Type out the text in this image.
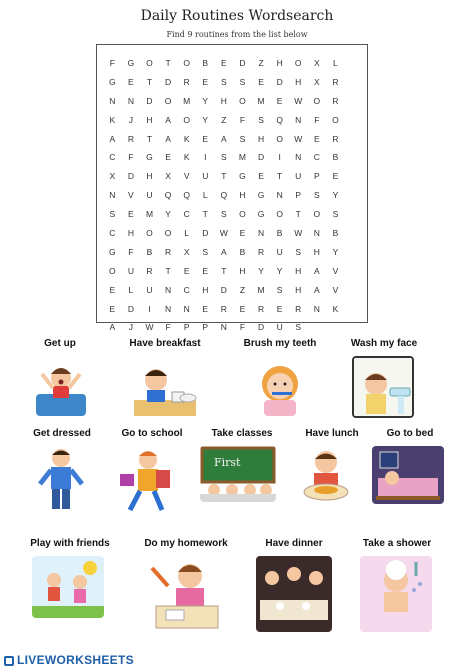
Daily Routines Wordsearch
Find 9 routines from the list below
F	G	O	T	O	B	E	D	Z	H	O	X	L
G	E	T	D	R	E	S	S	E	D	H	X	R
N	N	D	O	M	Y	H	O	M	E	W	O	R
K	J	H	A	O	Y	Z	F	S	Q	N	F	O
A	R	T	A	K	E	A	S	H	O	W	E	R
C	F	G	E	K	I	S	M	D	I	N	C	B
X	D	H	X	V	U	T	G	E	T	U	P	E
N	V	U	Q	Q	L	Q	H	G	N	P	S	Y
S	E	M	Y	C	T	S	O	G	O	T	O	S
C	H	O	O	L	D	W	E	N	B	W	N	B
G	F	B	R	X	S	A	B	R	U	S	H	Y
O	U	R	T	E	E	T	H	Y	Y	H	A	V
E	L	U	N	C	H	D	Z	M	S	H	A	V
E	D	I	N	N	E	R	E	R	E	R	N	K
A	J	W	F	P	P	N	F	D	U	S
Get up	Have breakfast	Brush my teeth	Wash my face
Get dressed	Go to school	Take classes
First
Have lunch	Go to bed
Play with friends	Do my homework	Have dinner	Take a shower
LIVEWORKSHEETS
